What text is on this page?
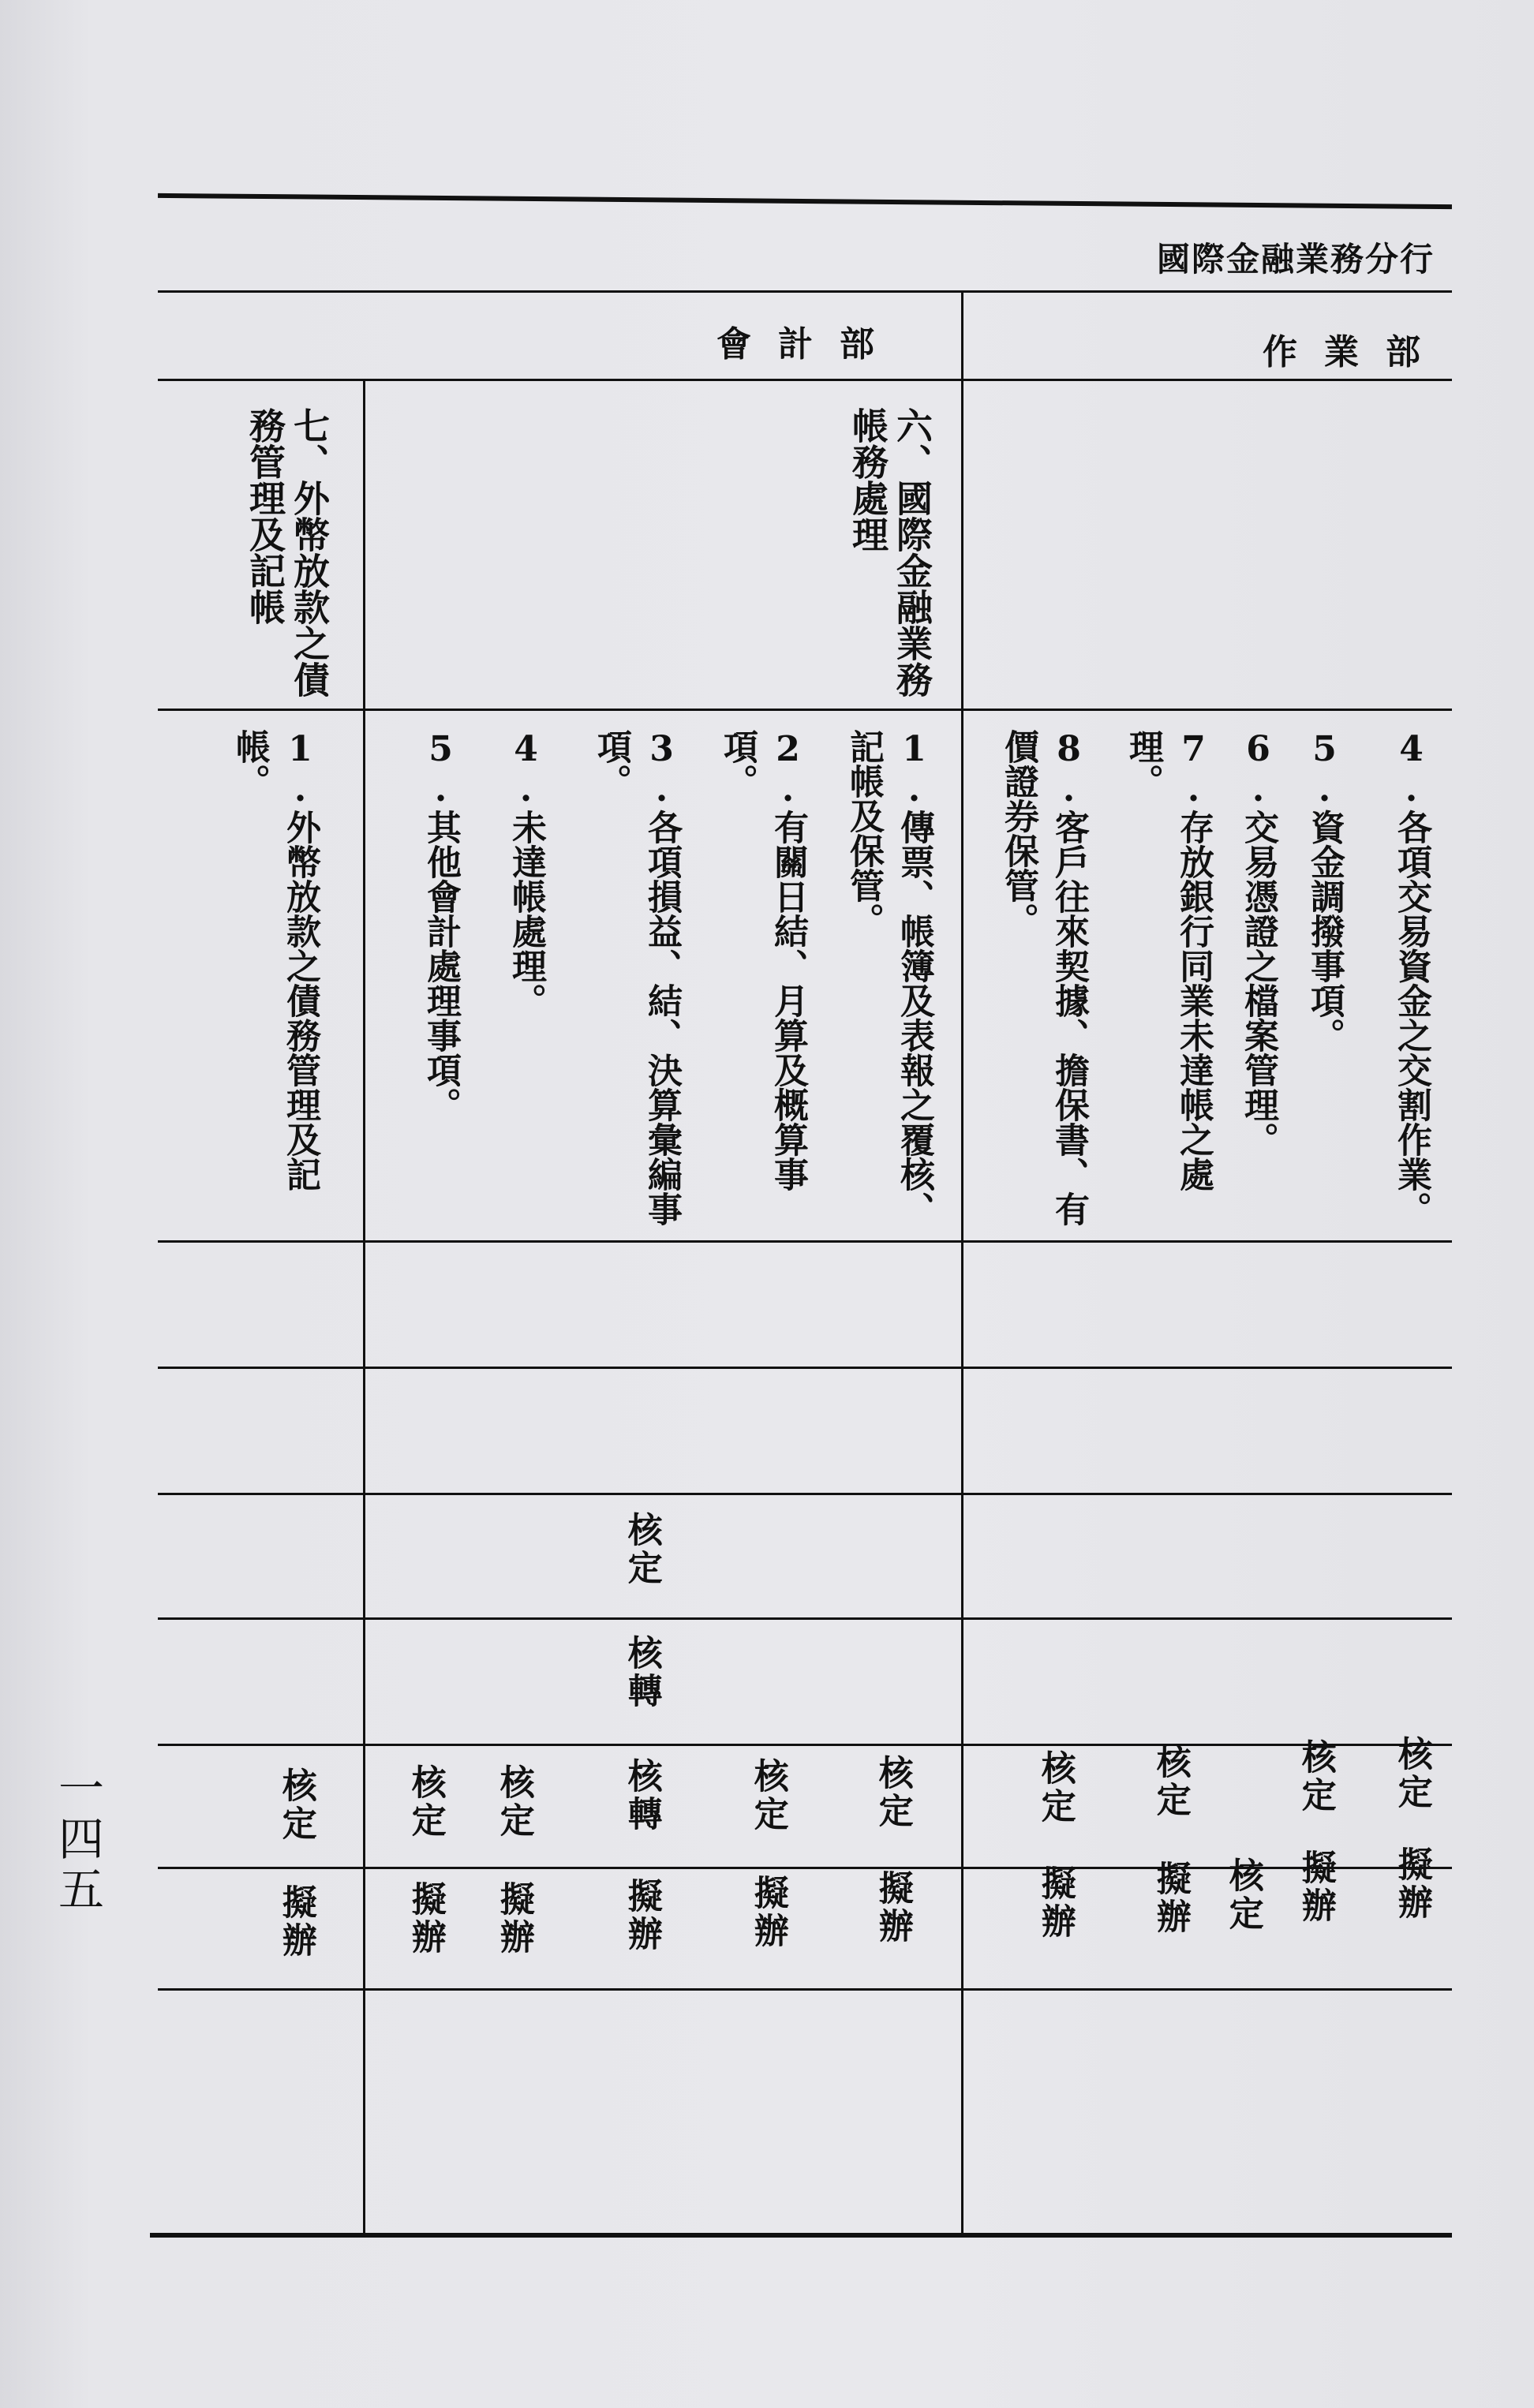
國際金融業務分行
作業部
會計部
六、國際金融業務帳務處理
七、外幣放款之債務管理及記帳
4.各項交易資金之交割作業。
5.資金調撥事項。
6.交易憑證之檔案管理。
7.存放銀行同業未達帳之處理。
8.客戶往來契據、擔保書、有價證券保管。
1.傳票、帳簿及表報之覆核、記帳及保管。
2.有關日結、月算及概算事項。
3.各項損益、結、決算彙編事項。
4.未達帳處理。
5.其他會計處理事項。
1.外幣放款之債務管理及記帳。
核定
核轉
核定
核定
核定
核定
核定
核定
核轉
核定
核定
核定
擬辦
擬辦
核定
擬辦
擬辦
擬辦
擬辦
擬辦
擬辦
擬辦
擬辦
一四五
